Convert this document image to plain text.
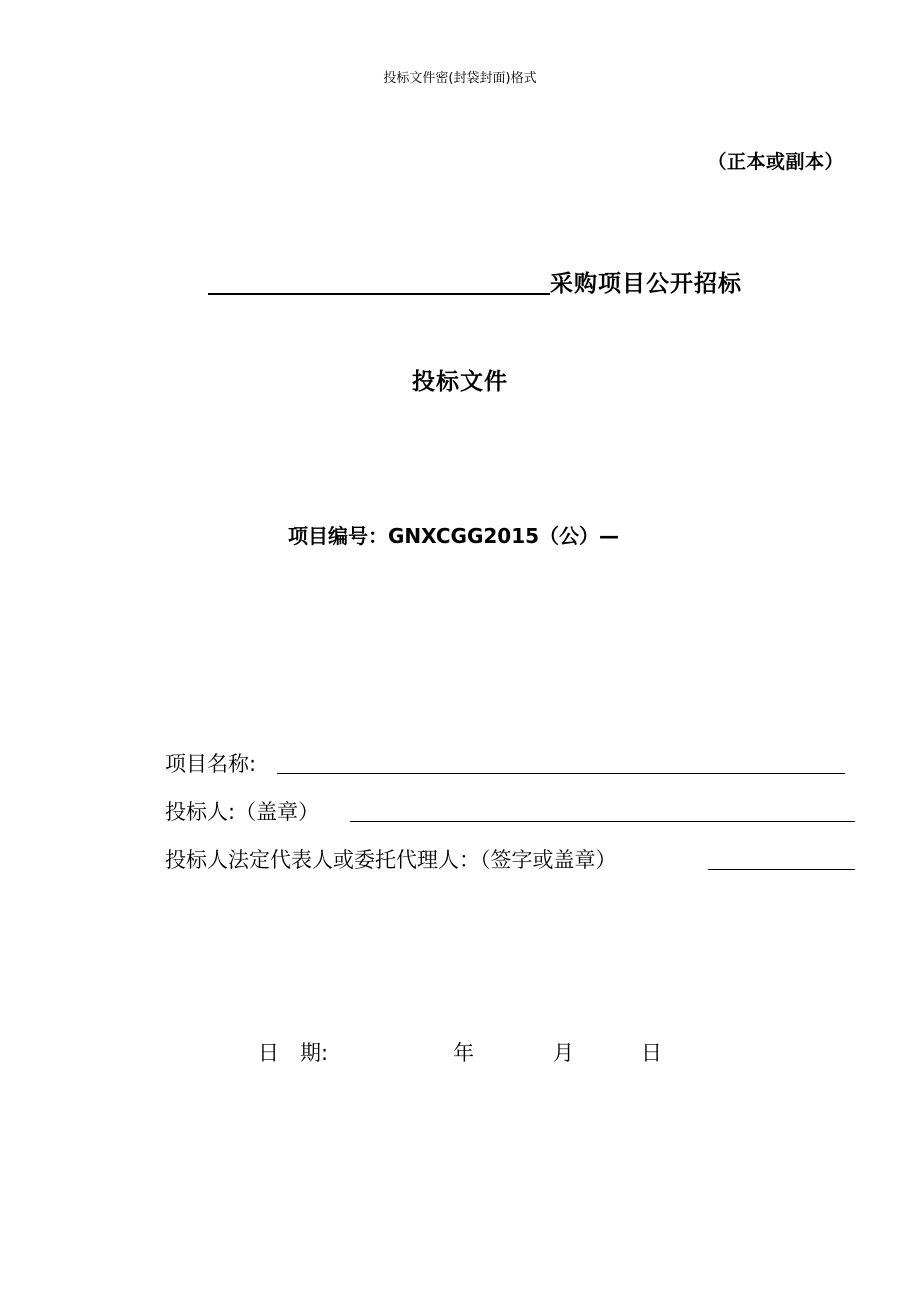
投标文件密(封袋封面)格式
（正本或副本）
采购项目公开招标
投标文件
项目编号：GNXCGG2015（公）—
项目名称:
投标人:（盖章）
投标人法定代表人或委托代理人：（签字或盖章）
日　期:	年	月	日
